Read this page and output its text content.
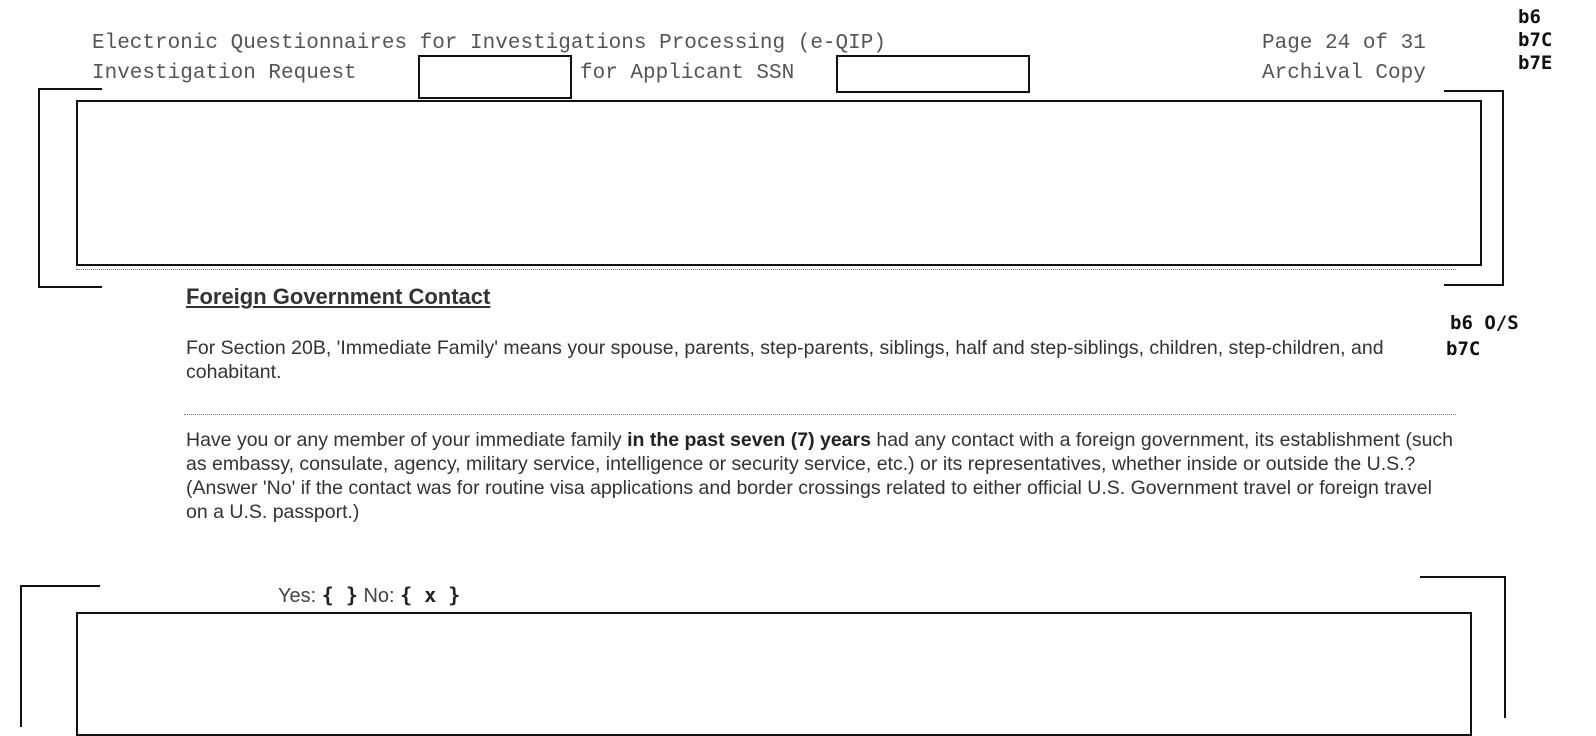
Electronic Questionnaires for Investigations Processing (e-QIP)	Page 24 of 31
Investigation Request	for Applicant SSN	Archival Copy
b6
b7C
b7E
Foreign Government Contact
b6 O/S
b7C
For Section 20B, 'Immediate Family' means your spouse, parents, step-parents, siblings, half and step-siblings, children, step-children, and cohabitant.
Have you or any member of your immediate family in the past seven (7) years had any contact with a foreign government, its establishment (such as embassy, consulate, agency, military service, intelligence or security service, etc.) or its representatives, whether inside or outside the U.S.? (Answer 'No' if the contact was for routine visa applications and border crossings related to either official U.S. Government travel or foreign travel on a U.S. passport.)
Yes: { } No: { x }
